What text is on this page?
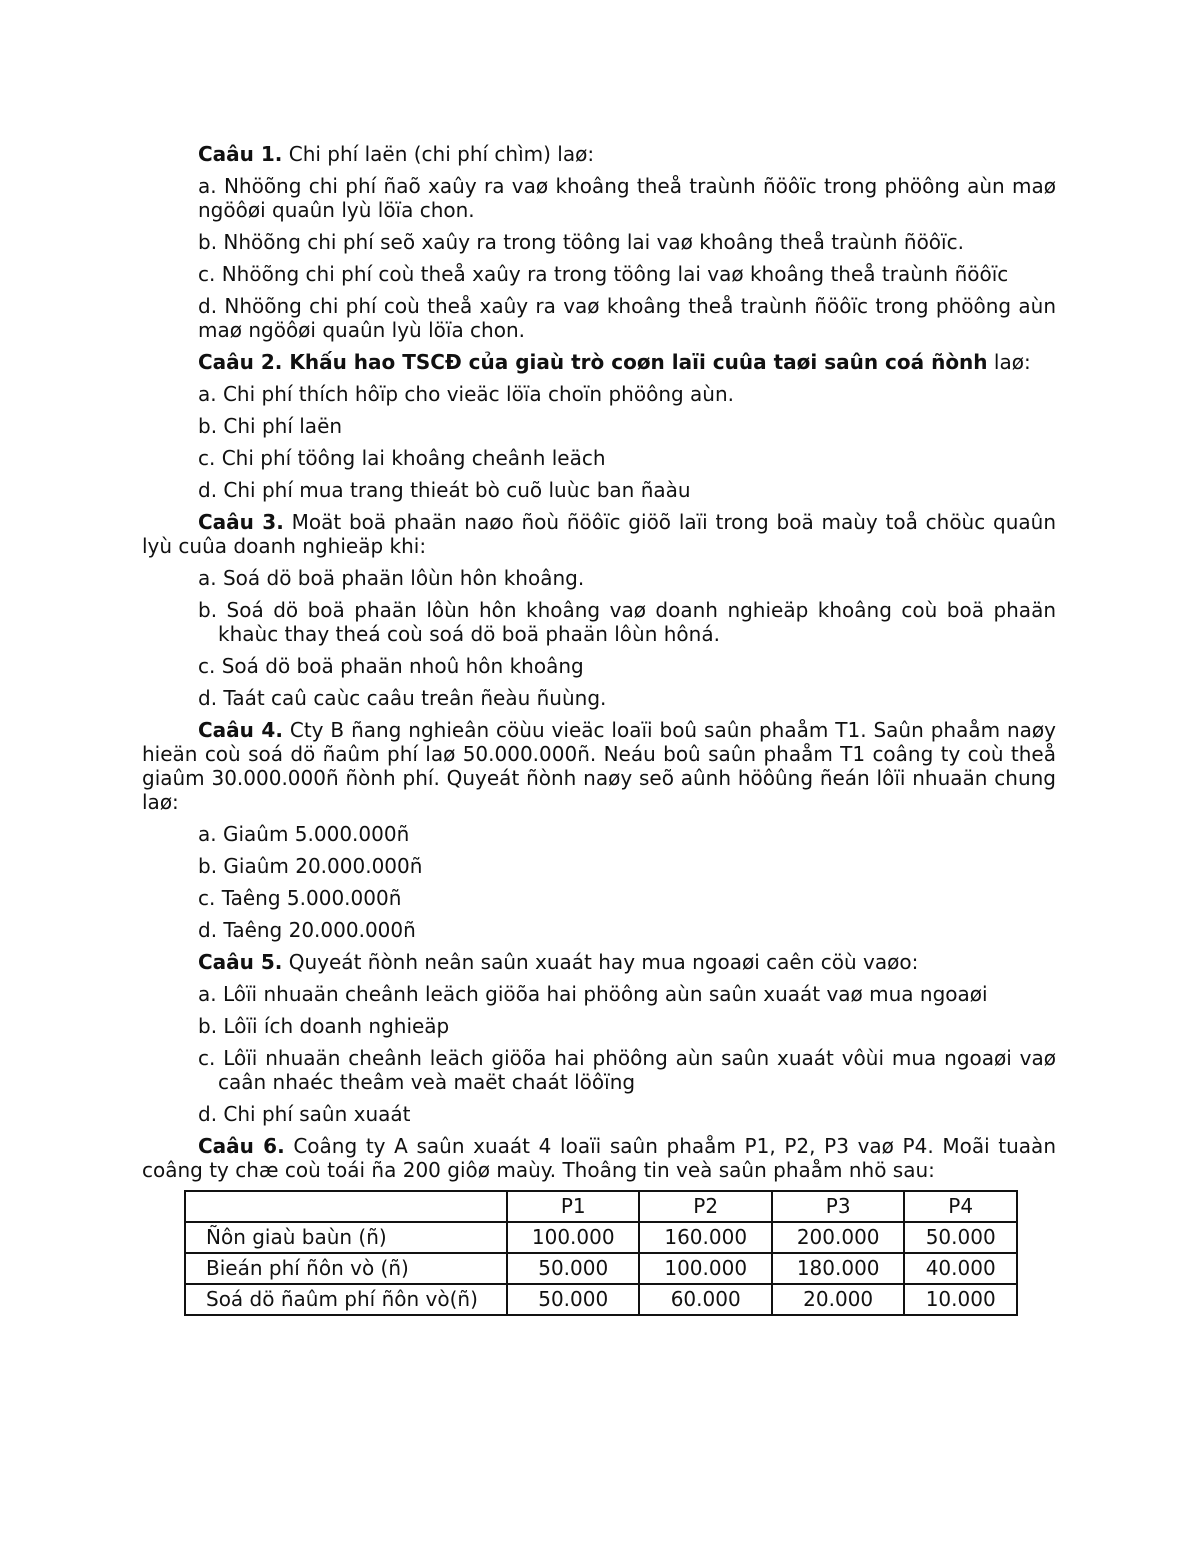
Caâu 1. Chi phí laën (chi phí chìm) laø:

a. Nhöõng chi phí ñaõ xaûy ra vaø khoâng theå traùnh ñöôïc trong phöông aùn maø ngöôøi quaûn lyù löïa chon.

b. Nhöõng chi phí seõ xaûy ra trong töông lai vaø khoâng theå traùnh ñöôïc.

c. Nhöõng chi phí coù theå xaûy ra trong töông lai vaø khoâng theå traùnh ñöôïc

d. Nhöõng chi phí coù theå xaûy ra vaø khoâng theå traùnh ñöôïc trong phöông aùn maø ngöôøi quaûn lyù löïa chon.

Caâu 2. Khấu hao TSCĐ của giaù trò coøn laïi cuûa taøi saûn coá ñònh laø:

a. Chi phí thích hôïp cho vieäc löïa choïn phöông aùn.

b. Chi phí laën

c. Chi phí töông lai khoâng cheânh leäch

d. Chi phí mua trang thieát bò cuõ luùc ban ñaàu

Caâu 3. Moät boä phaän naøo ñoù ñöôïc giöõ laïi trong boä maùy toå chöùc quaûn lyù cuûa doanh nghieäp khi:

a. Soá dö boä phaän lôùn hôn khoâng.

b. Soá dö boä phaän lôùn hôn khoâng vaø doanh nghieäp khoâng coù boä phaän khaùc thay theá coù soá dö boä phaän lôùn hôná.

c. Soá dö boä phaän nhoû hôn khoâng

d. Taát caû caùc caâu treân ñeàu ñuùng.

Caâu 4. Cty B ñang nghieân cöùu vieäc loaïi boû saûn phaåm T1. Saûn phaåm naøy hieän coù soá dö ñaûm phí laø 50.000.000ñ. Neáu boû saûn phaåm T1 coâng ty coù theå giaûm 30.000.000ñ ñònh phí. Quyeát ñònh naøy seõ aûnh höôûng ñeán lôïi nhuaän chung laø:

a. Giaûm 5.000.000ñ

b. Giaûm 20.000.000ñ

c. Taêng 5.000.000ñ

d. Taêng 20.000.000ñ

Caâu 5. Quyeát ñònh neân saûn xuaát hay mua ngoaøi caên cöù vaøo:

a. Lôïi nhuaän cheânh leäch giöõa hai phöông aùn saûn xuaát vaø mua ngoaøi

b. Lôïi ích doanh nghieäp

c. Lôïi nhuaän cheânh leäch giöõa hai phöông aùn saûn xuaát vôùi mua ngoaøi vaø caân nhaéc theâm veà maët chaát löôïng

d. Chi phí saûn xuaát

Caâu 6. Coâng ty A saûn xuaát 4 loaïi saûn phaåm P1, P2, P3 vaø P4. Moãi tuaàn coâng ty chæ coù toái ña 200 giôø maùy. Thoâng tin veà saûn phaåm nhö sau:

	P1	P2	P3	P4
Ñôn giaù baùn (ñ)	100.000	160.000	200.000	50.000
Bieán phí ñôn vò (ñ)	50.000	100.000	180.000	40.000
Soá dö ñaûm phí ñôn vò(ñ)	50.000	60.000	20.000	10.000
